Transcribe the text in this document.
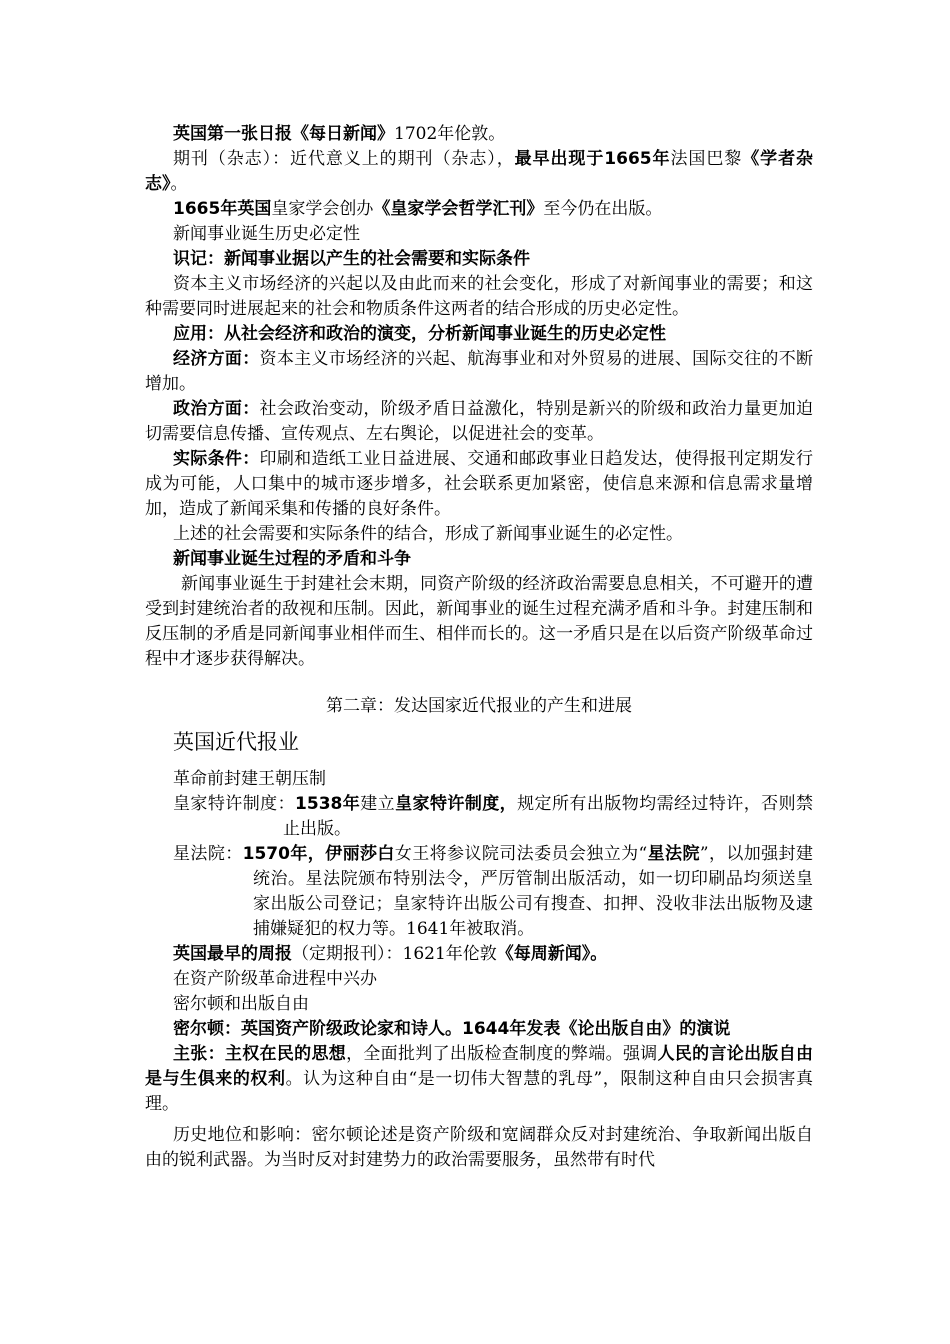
英国第一张日报《每日新闻》1702年伦敦。

期刊（杂志）：近代意义上的期刊（杂志），最早出现于1665年法国巴黎《学者杂志》。

1665年英国皇家学会创办《皇家学会哲学汇刊》至今仍在出版。

新闻事业诞生历史必定性

识记：新闻事业据以产生的社会需要和实际条件

资本主义市场经济的兴起以及由此而来的社会变化，形成了对新闻事业的需要；和这种需要同时进展起来的社会和物质条件这两者的结合形成的历史必定性。

应用：从社会经济和政治的演变，分析新闻事业诞生的历史必定性

经济方面：资本主义市场经济的兴起、航海事业和对外贸易的进展、国际交往的不断增加。

政治方面：社会政治变动，阶级矛盾日益激化，特别是新兴的阶级和政治力量更加迫切需要信息传播、宣传观点、左右舆论，以促进社会的变革。

实际条件：印刷和造纸工业日益进展、交通和邮政事业日趋发达，使得报刊定期发行成为可能，人口集中的城市逐步增多，社会联系更加紧密，使信息来源和信息需求量增加，造成了新闻采集和传播的良好条件。

上述的社会需要和实际条件的结合，形成了新闻事业诞生的必定性。

新闻事业诞生过程的矛盾和斗争

新闻事业诞生于封建社会末期，同资产阶级的经济政治需要息息相关，不可避开的遭受到封建统治者的敌视和压制。因此，新闻事业的诞生过程充满矛盾和斗争。封建压制和反压制的矛盾是同新闻事业相伴而生、相伴而长的。这一矛盾只是在以后资产阶级革命过程中才逐步获得解决。

第二章：发达国家近代报业的产生和进展

英国近代报业

革命前封建王朝压制

皇家特许制度：1538年建立皇家特许制度，规定所有出版物均需经过特许，否则禁止出版。

星法院：1570年，伊丽莎白女王将参议院司法委员会独立为“星法院”，以加强封建统治。星法院颁布特别法令，严厉管制出版活动，如一切印刷品均须送皇家出版公司登记；皇家特许出版公司有搜查、扣押、没收非法出版物及逮捕嫌疑犯的权力等。1641年被取消。

英国最早的周报（定期报刊）：1621年伦敦《每周新闻》。

在资产阶级革命进程中兴办

密尔顿和出版自由

密尔顿：英国资产阶级政论家和诗人。1644年发表《论出版自由》的演说

主张：主权在民的思想，全面批判了出版检查制度的弊端。强调人民的言论出版自由是与生俱来的权利。认为这种自由“是一切伟大智慧的乳母”，限制这种自由只会损害真理。

历史地位和影响：密尔顿论述是资产阶级和宽阔群众反对封建统治、争取新闻出版自由的锐利武器。为当时反对封建势力的政治需要服务，虽然带有时代
